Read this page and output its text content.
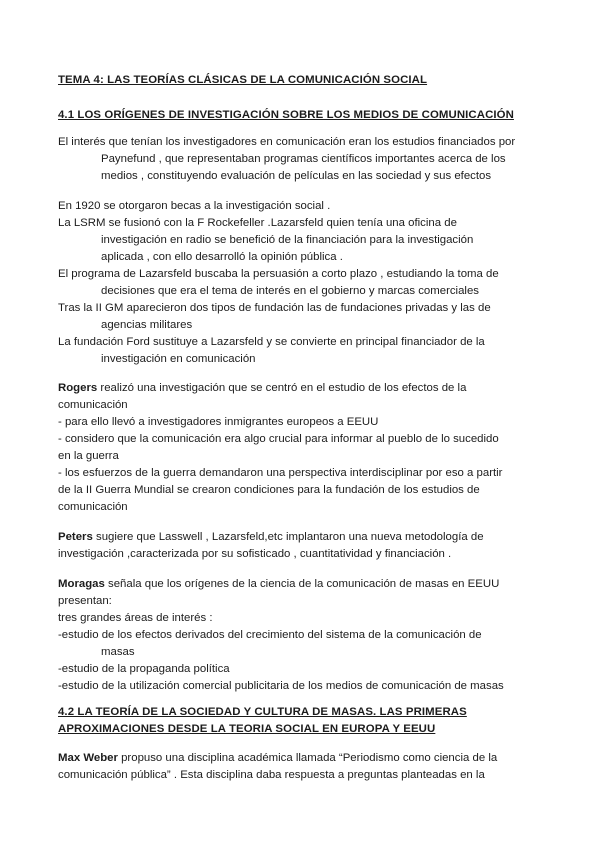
TEMA 4: LAS TEORÍAS CLÁSICAS DE LA COMUNICACIÓN SOCIAL
4.1 LOS ORÍGENES DE INVESTIGACIÓN SOBRE LOS MEDIOS DE COMUNICACIÓN
El interés que tenían los investigadores en comunicación eran los estudios financiados por
Paynefund , que representaban programas científicos importantes acerca de los
medios , constituyendo evaluación de películas en las sociedad y sus efectos
En 1920 se otorgaron becas a la investigación social .
La LSRM se fusionó con la F Rockefeller .Lazarsfeld quien tenía una oficina de
investigación en radio se benefició de la financiación para la investigación
aplicada , con ello desarrolló la opinión pública .
El programa de Lazarsfeld buscaba la persuasión a corto plazo , estudiando la toma de
decisiones que era el tema de interés en el gobierno y marcas comerciales
Tras la II GM aparecieron dos tipos de fundación las de fundaciones privadas y las de
agencias militares
La fundación Ford sustituye a Lazarsfeld y se convierte en principal financiador de la
investigación en comunicación
Rogers realizó una investigación que se centró en el estudio de los efectos de la
comunicación
- para ello llevó a investigadores inmigrantes europeos a EEUU
- considero que la comunicación era algo crucial para informar al pueblo de lo sucedido
en la guerra
- los esfuerzos de la guerra demandaron una perspectiva interdisciplinar por eso a partir
de la II Guerra Mundial se crearon condiciones para la fundación de los estudios de
comunicación
Peters sugiere que Lasswell , Lazarsfeld,etc implantaron una nueva metodología de
investigación ,caracterizada por su sofisticado , cuantitatividad y financiación .
Moragas señala que los orígenes de la ciencia de la comunicación de masas en EEUU
presentan:
tres grandes áreas de interés :
-estudio de los efectos derivados del crecimiento del sistema de la comunicación de
masas
-estudio de la propaganda política
-estudio de la utilización comercial publicitaria de los medios de comunicación de masas
4.2 LA TEORÍA DE LA SOCIEDAD Y CULTURA DE MASAS. LAS PRIMERAS
APROXIMACIONES DESDE LA TEORIA SOCIAL EN EUROPA Y EEUU
Max Weber propuso una disciplina académica llamada “Periodismo como ciencia de la
comunicación pública” . Esta disciplina daba respuesta a preguntas planteadas en la
